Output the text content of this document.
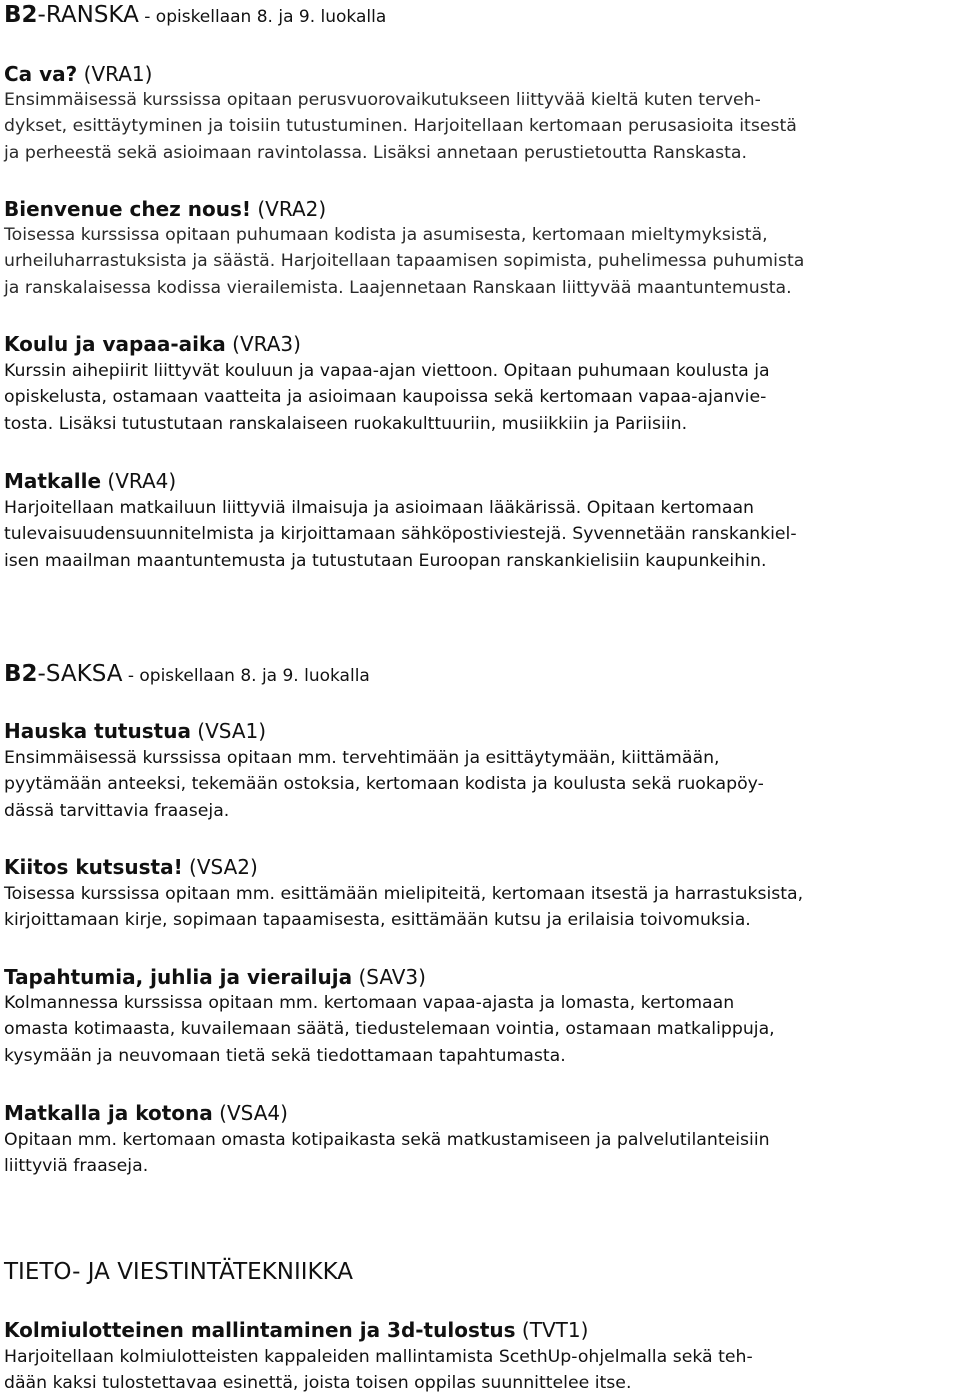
B2-RANSKA - opiskellaan 8. ja 9. luokalla
Ca va? (VRA1)
Ensimmäisessä kurssissa opitaan perusvuorovaikutukseen liittyvää kieltä kuten terveh-
dykset, esittäytyminen ja toisiin tutustuminen. Harjoitellaan kertomaan perusasioita itsestä
ja perheestä sekä asioimaan ravintolassa. Lisäksi annetaan perustietoutta Ranskasta.
Bienvenue chez nous! (VRA2)
Toisessa kurssissa opitaan puhumaan kodista ja asumisesta, kertomaan mieltymyksistä,
urheiluharrastuksista ja säästä. Harjoitellaan tapaamisen sopimista, puhelimessa puhumista
ja ranskalaisessa kodissa vierailemista. Laajennetaan Ranskaan liittyvää maantuntemusta.
Koulu ja vapaa-aika (VRA3)
Kurssin aihepiirit liittyvät kouluun ja vapaa-ajan viettoon. Opitaan puhumaan koulusta ja
opiskelusta, ostamaan vaatteita ja asioimaan kaupoissa sekä kertomaan vapaa-ajanvie-
tosta. Lisäksi tutustutaan ranskalaiseen ruokakulttuuriin, musiikkiin ja Pariisiin.
Matkalle (VRA4)
Harjoitellaan matkailuun liittyviä ilmaisuja ja asioimaan lääkärissä. Opitaan kertomaan
tulevaisuudensuunnitelmista ja kirjoittamaan sähköpostiviestejä. Syvennetään ranskankiel-
isen maailman maantuntemusta ja tutustutaan Euroopan ranskankielisiin kaupunkeihin.
B2-SAKSA - opiskellaan 8. ja 9. luokalla
Hauska tutustua (VSA1)
Ensimmäisessä kurssissa opitaan mm. tervehtimään ja esittäytymään, kiittämään,
pyytämään anteeksi, tekemään ostoksia, kertomaan kodista ja koulusta sekä ruokapöy-
dässä tarvittavia fraaseja.
Kiitos kutsusta! (VSA2)
Toisessa kurssissa opitaan mm. esittämään mielipiteitä, kertomaan itsestä ja harrastuksista,
kirjoittamaan kirje, sopimaan tapaamisesta, esittämään kutsu ja erilaisia toivomuksia.
Tapahtumia, juhlia ja vierailuja (SAV3)
Kolmannessa kurssissa opitaan mm. kertomaan vapaa-ajasta ja lomasta, kertomaan
omasta kotimaasta, kuvailemaan säätä, tiedustelemaan vointia, ostamaan matkalippuja,
kysymään ja neuvomaan tietä sekä tiedottamaan tapahtumasta.
Matkalla ja kotona (VSA4)
Opitaan mm. kertomaan omasta kotipaikasta sekä matkustamiseen ja palvelutilanteisiin
liittyviä fraaseja.
TIETO- JA VIESTINTÄTEKNIIKKA
Kolmiulotteinen mallintaminen ja 3d-tulostus (TVT1)
Harjoitellaan kolmiulotteisten kappaleiden mallintamista ScethUp-ohjelmalla sekä teh-
dään kaksi tulostettavaa esinettä, joista toisen oppilas suunnittelee itse.
